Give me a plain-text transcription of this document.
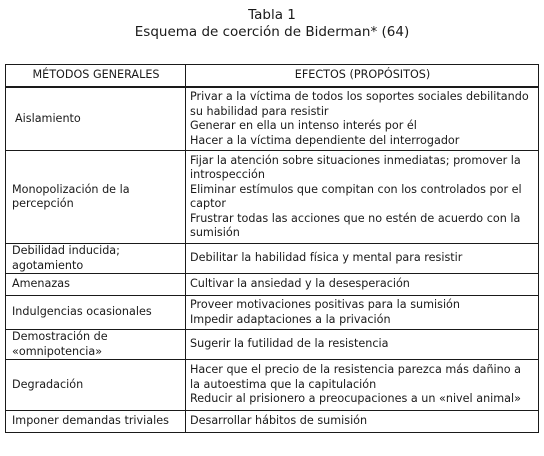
Tabla 1
Esquema de coerción de Biderman* (64)
MÉTODOS GENERALES	EFECTOS (PROPÓSITOS)
Aislamiento	Privar a la víctima de todos los soportes sociales debilitando su habilidad para resistir
Generar en ella un intenso interés por él
Hacer a la víctima dependiente del interrogador

Monopolización de la percepción	Fijar la atención sobre situaciones inmediatas; promover la introspección
Eliminar estímulos que compitan con los controlados por el captor
Frustrar todas las acciones que no estén de acuerdo con la sumisión

Debilidad inducida; agotamiento	Debilitar la habilidad física y mental para resistir

Amenazas	Cultivar la ansiedad y la desesperación

Indulgencias ocasionales	Proveer motivaciones positivas para la sumisión
Impedir adaptaciones a la privación

Demostración de «omnipotencia»	Sugerir la futilidad de la resistencia

Degradación	Hacer que el precio de la resistencia parezca más dañino a la autoestima que la capitulación
Reducir al prisionero a preocupaciones a un «nivel animal»

Imponer demandas triviales	Desarrollar hábitos de sumisión
